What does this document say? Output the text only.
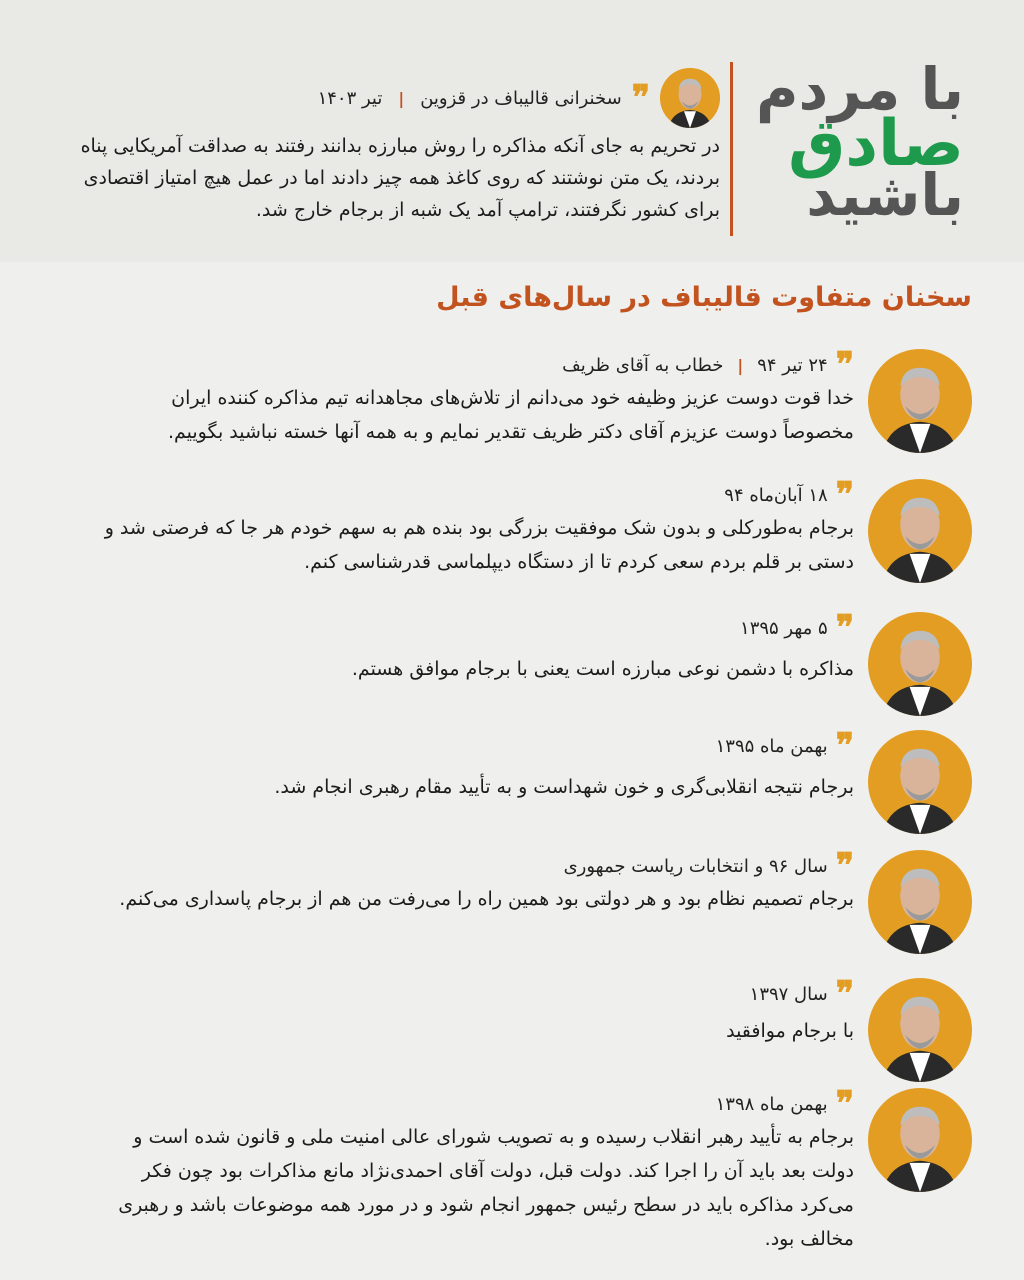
با مردم
صادق
باشید
❞
سخنرانی قالیباف در قزوین
|
تیر ۱۴۰۳
در تحریم به جای آنکه مذاکره را روش مبارزه بدانند رفتند به صداقت آمریکایی پناه بردند، یک متن نوشتند که روی کاغذ همه چیز دادند اما در عمل هیچ امتیاز اقتصادی برای کشور نگرفتند، ترامپ آمد یک شبه از برجام خارج شد.
سخنان متفاوت قالیباف در سال‌های قبل
❞
۲۴ تیر ۹۴
|
خطاب به آقای ظریف
خدا قوت دوست عزیز وظیفه خود می‌دانم از تلاش‌های مجاهدانه تیم مذاکره کننده ایران مخصوصاً دوست عزیزم آقای دکتر ظریف تقدیر نمایم و به همه آنها خسته نباشید بگوییم.
❞
۱۸ آبان‌ماه ۹۴
برجام به‌طورکلی و بدون شک موفقیت بزرگی بود بنده هم به سهم خودم هر جا که فرصتی شد و دستی بر قلم بردم سعی کردم تا از دستگاه دیپلماسی قدرشناسی کنم.
❞
۵ مهر ۱۳۹۵
مذاکره با دشمن نوعی مبارزه است یعنی با برجام موافق هستم.
❞
بهمن ماه ۱۳۹۵
برجام نتیجه انقلابی‌گری و خون شهداست و به تأیید مقام رهبری انجام شد.
❞
سال ۹۶ و انتخابات ریاست جمهوری
برجام تصمیم نظام بود و هر دولتی بود همین راه را می‌رفت من هم از برجام پاسداری می‌کنم.
❞
سال ۱۳۹۷
با برجام موافقید
❞
بهمن ماه ۱۳۹۸
برجام به تأیید رهبر انقلاب رسیده و به تصویب شورای عالی امنیت ملی و قانون شده است و دولت بعد باید آن را اجرا کند. دولت قبل، دولت آقای احمدی‌نژاد مانع مذاکرات بود چون فکر می‌کرد مذاکره باید در سطح رئیس جمهور انجام شود و در مورد همه موضوعات باشد و رهبری مخالف بود.
